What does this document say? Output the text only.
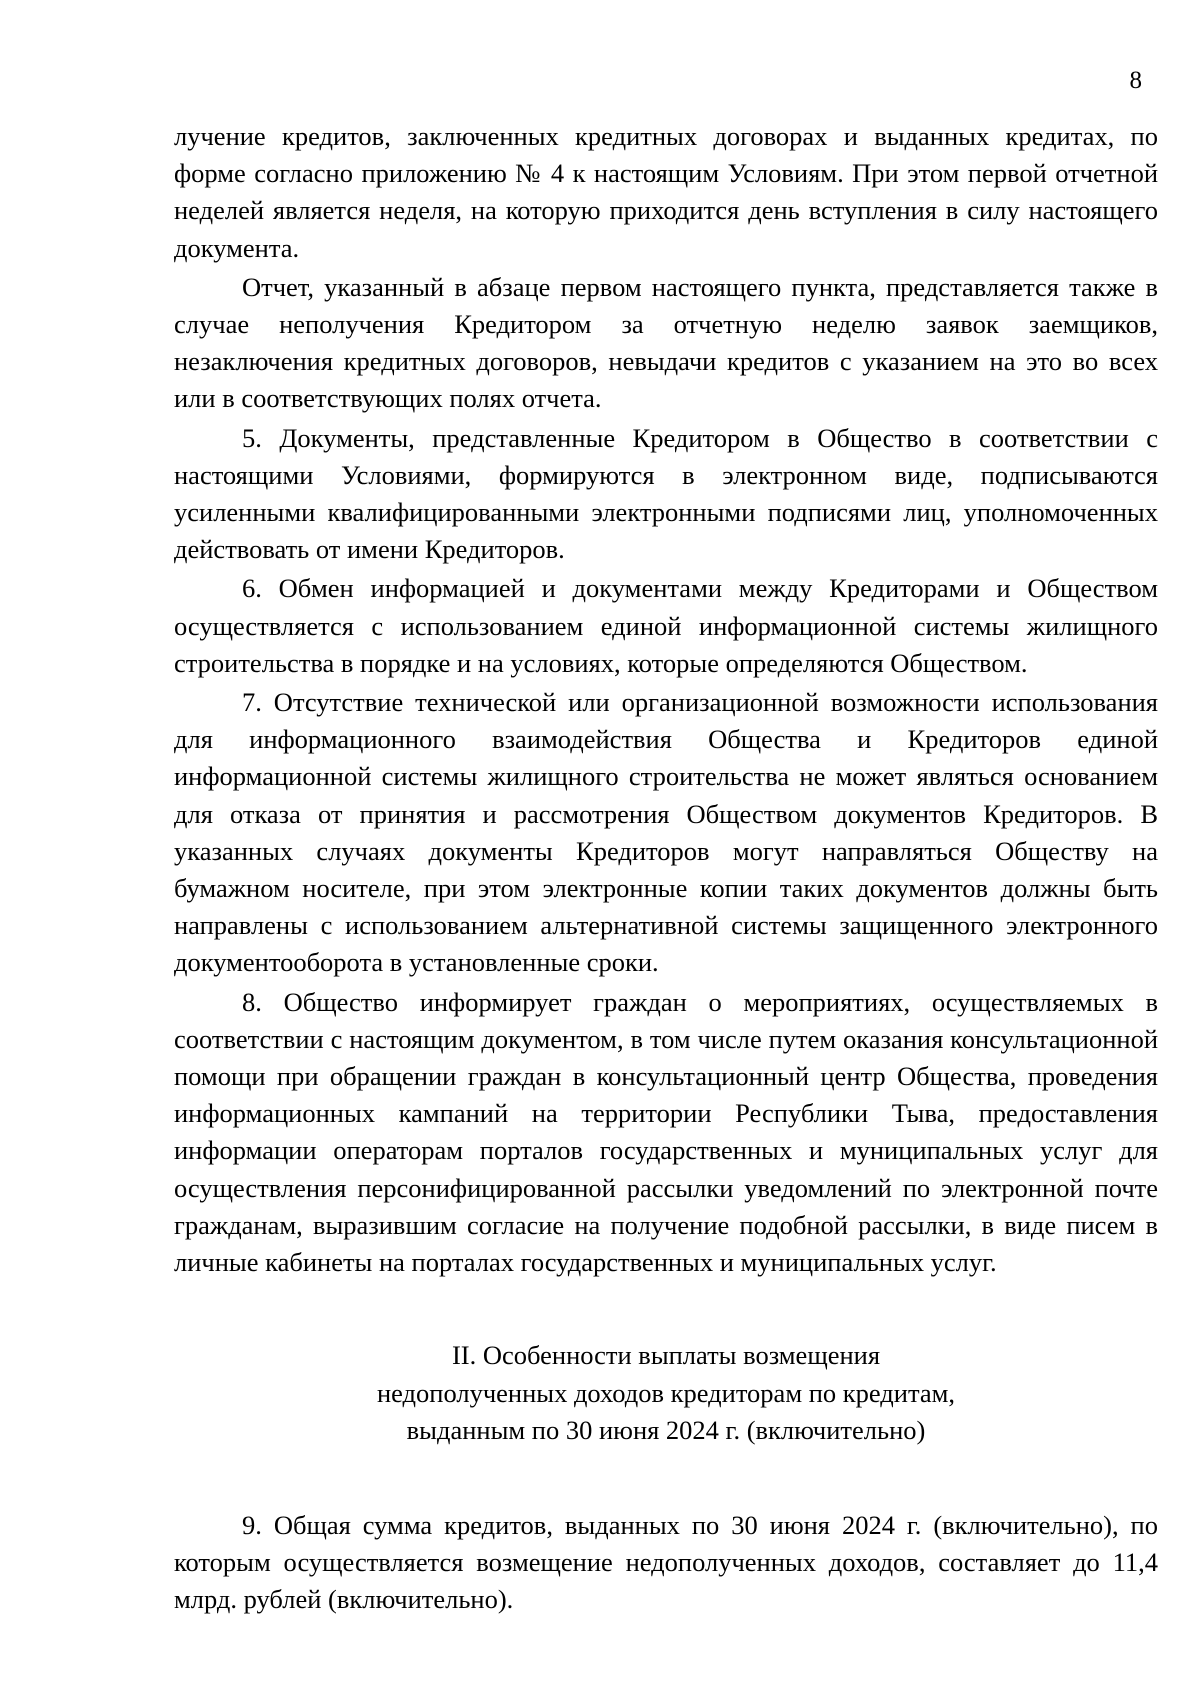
8

лучение кредитов, заключенных кредитных договорах и выданных кредитах, по форме согласно приложению № 4 к настоящим Условиям. При этом первой отчетной неделей является неделя, на которую приходится день вступления в силу настоящего документа.

Отчет, указанный в абзаце первом настоящего пункта, представляется также в случае неполучения Кредитором за отчетную неделю заявок заемщиков, незаключения кредитных договоров, невыдачи кредитов с указанием на это во всех или в соответствующих полях отчета.

5. Документы, представленные Кредитором в Общество в соответствии с настоящими Условиями, формируются в электронном виде, подписываются усиленными квалифицированными электронными подписями лиц, уполномоченных действовать от имени Кредиторов.

6. Обмен информацией и документами между Кредиторами и Обществом осуществляется с использованием единой информационной системы жилищного строительства в порядке и на условиях, которые определяются Обществом.

7. Отсутствие технической или организационной возможности использования для информационного взаимодействия Общества и Кредиторов единой информационной системы жилищного строительства не может являться основанием для отказа от принятия и рассмотрения Обществом документов Кредиторов. В указанных случаях документы Кредиторов могут направляться Обществу на бумажном носителе, при этом электронные копии таких документов должны быть направлены с использованием альтернативной системы защищенного электронного документооборота в установленные сроки.

8. Общество информирует граждан о мероприятиях, осуществляемых в соответствии с настоящим документом, в том числе путем оказания консультационной помощи при обращении граждан в консультационный центр Общества, проведения информационных кампаний на территории Республики Тыва, предоставления информации операторам порталов государственных и муниципальных услуг для осуществления персонифицированной рассылки уведомлений по электронной почте гражданам, выразившим согласие на получение подобной рассылки, в виде писем в личные кабинеты на порталах государственных и муниципальных услуг.

II. Особенности выплаты возмещения
недополученных доходов кредиторам по кредитам,
выданным по 30 июня 2024 г. (включительно)

9. Общая сумма кредитов, выданных по 30 июня 2024 г. (включительно), по которым осуществляется возмещение недополученных доходов, составляет до 11,4 млрд. рублей (включительно).
